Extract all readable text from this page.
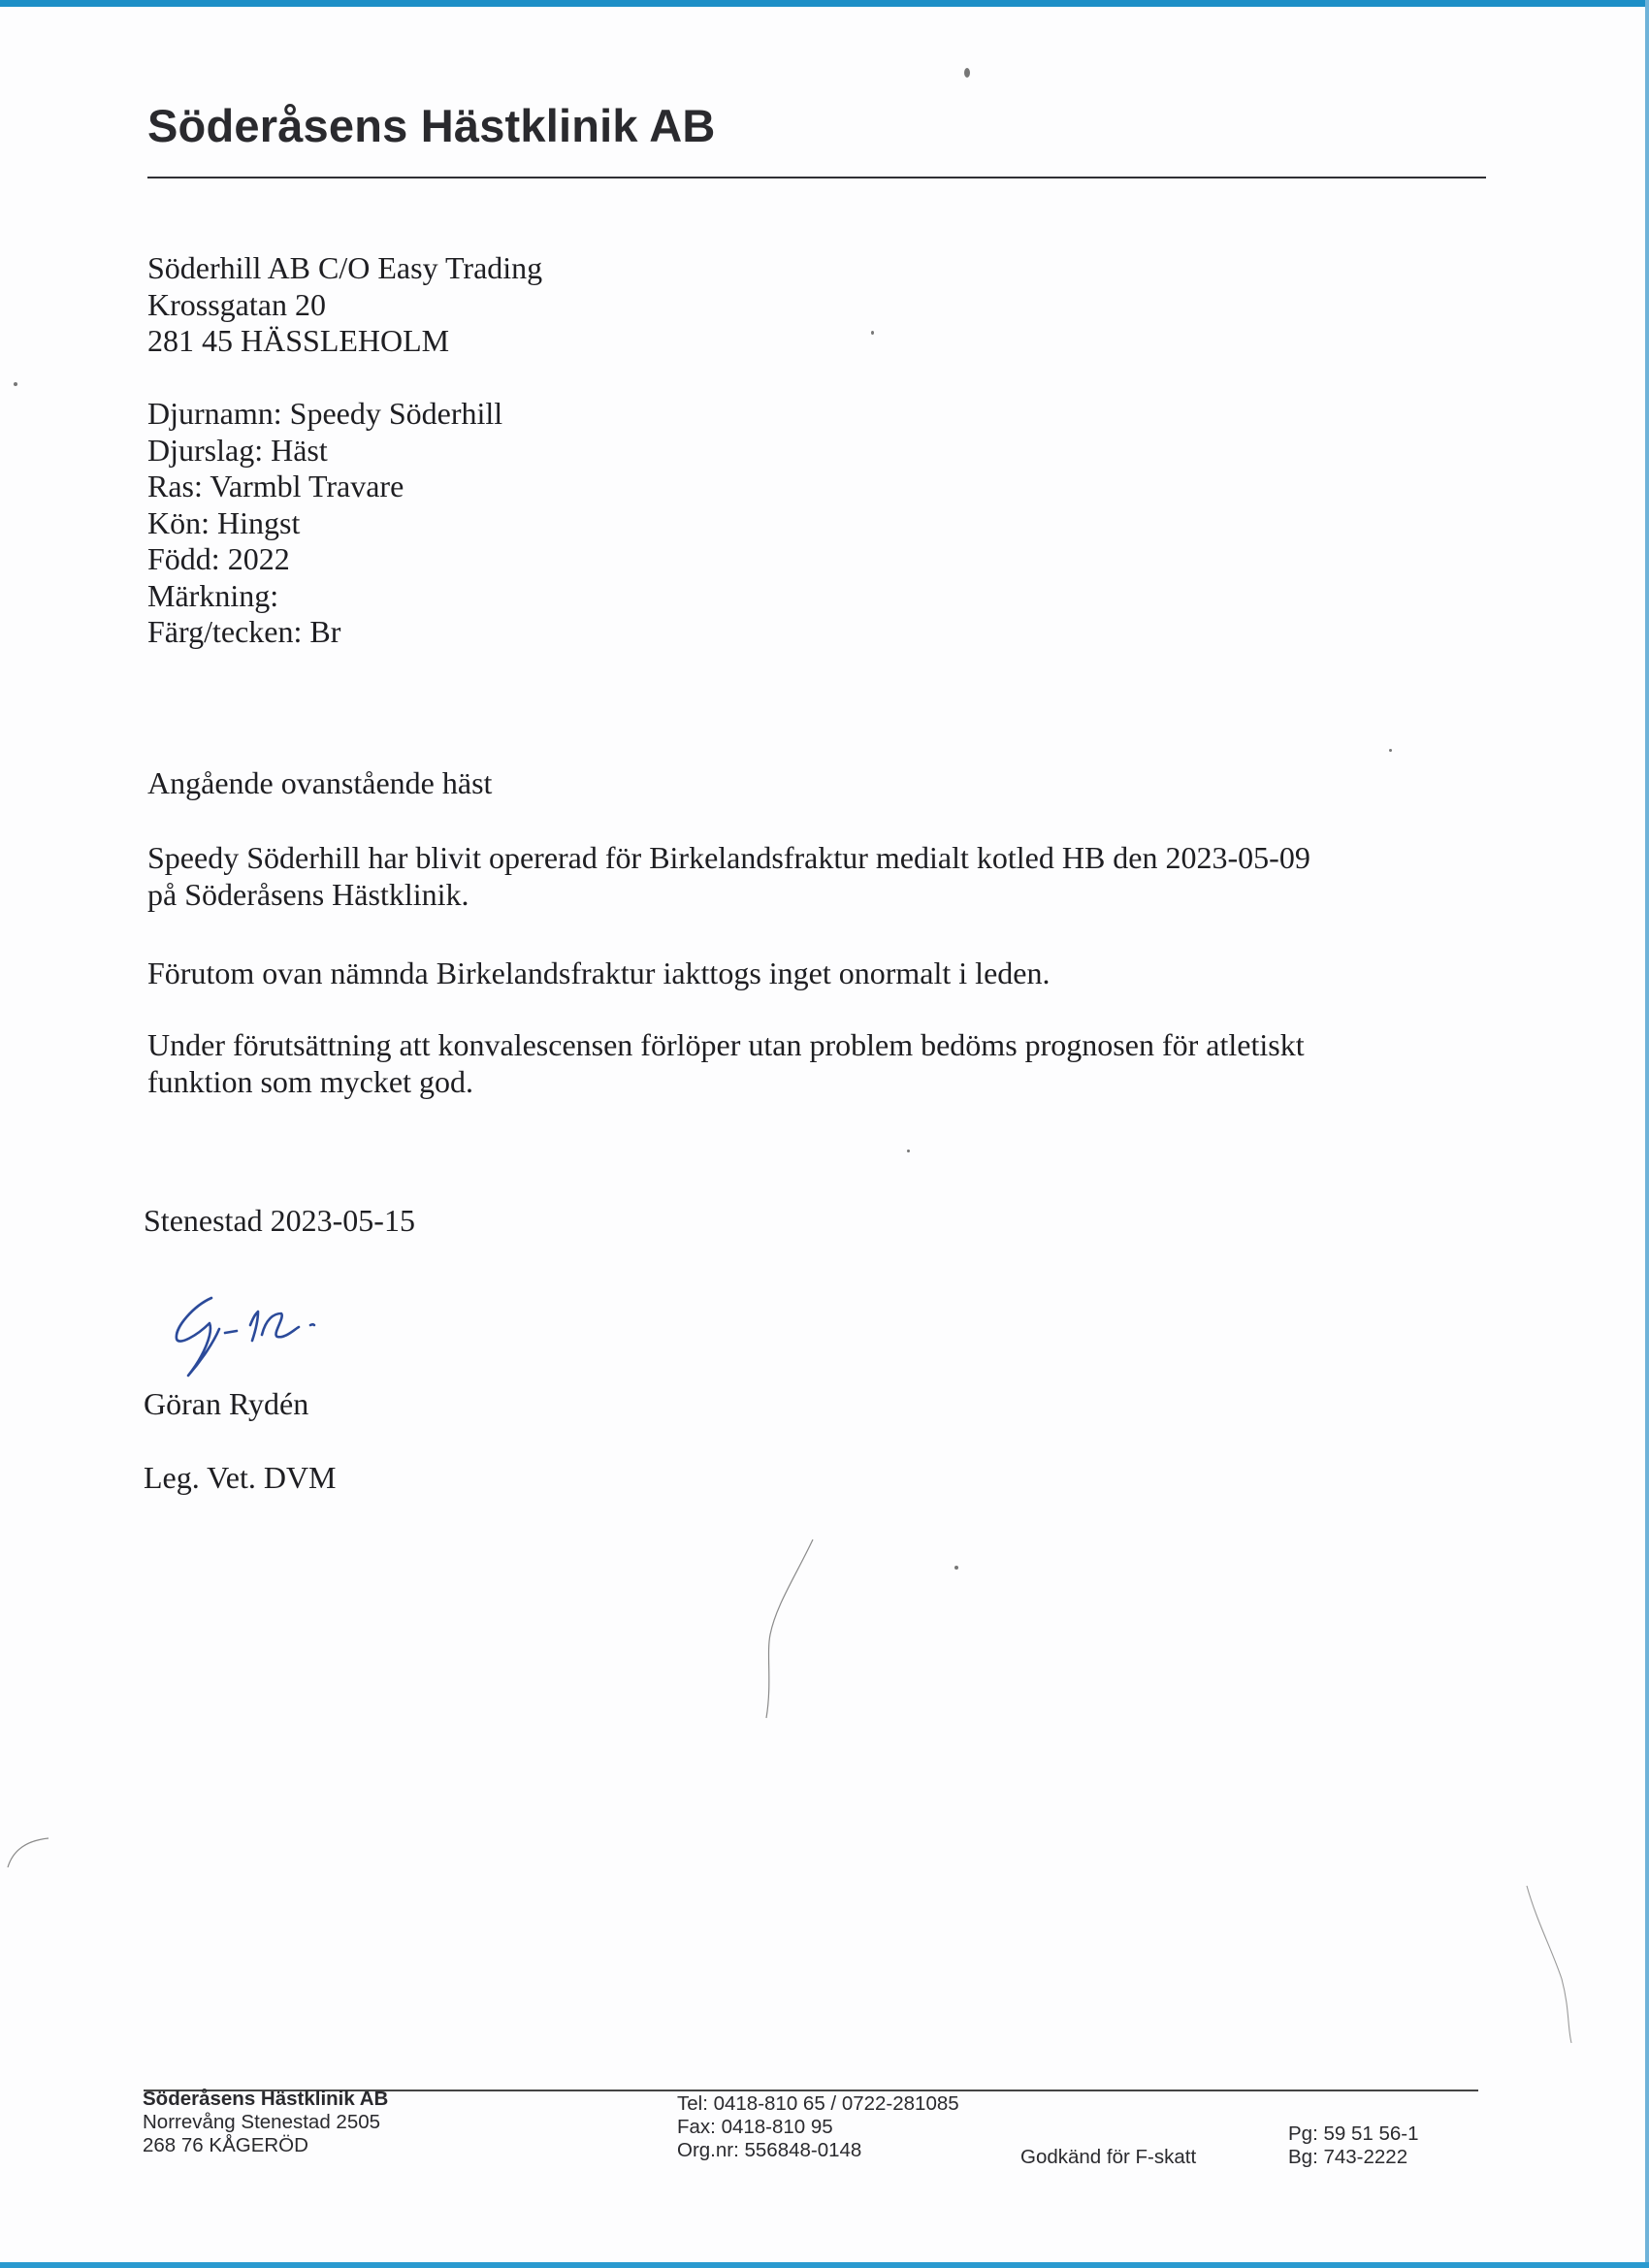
Söderåsens Hästklinik AB
Söderhill AB C/O Easy Trading
Krossgatan 20
281 45 HÄSSLEHOLM
Djurnamn: Speedy Söderhill
Djurslag: Häst
Ras: Varmbl Travare
Kön: Hingst
Född: 2022
Märkning:
Färg/tecken: Br

Angående ovanstående häst

Speedy Söderhill har blivit opererad för Birkelandsfraktur medialt kotled HB den 2023-05-09
på Söderåsens Hästklinik.

Förutom ovan nämnda Birkelandsfraktur iakttogs inget onormalt i leden.

Under förutsättning att konvalescensen förlöper utan problem bedöms prognosen för atletiskt
funktion som mycket god.

Stenestad 2023-05-15

Göran Rydén

Leg. Vet. DVM

Söderåsens Hästklinik AB
Norrevång Stenestad 2505
268 76 KÅGERÖD
Tel: 0418-810 65 / 0722-281085
Fax: 0418-810 95
Org.nr: 556848-0148	Godkänd för F-skatt
Pg: 59 51 56-1
Bg: 743-2222
